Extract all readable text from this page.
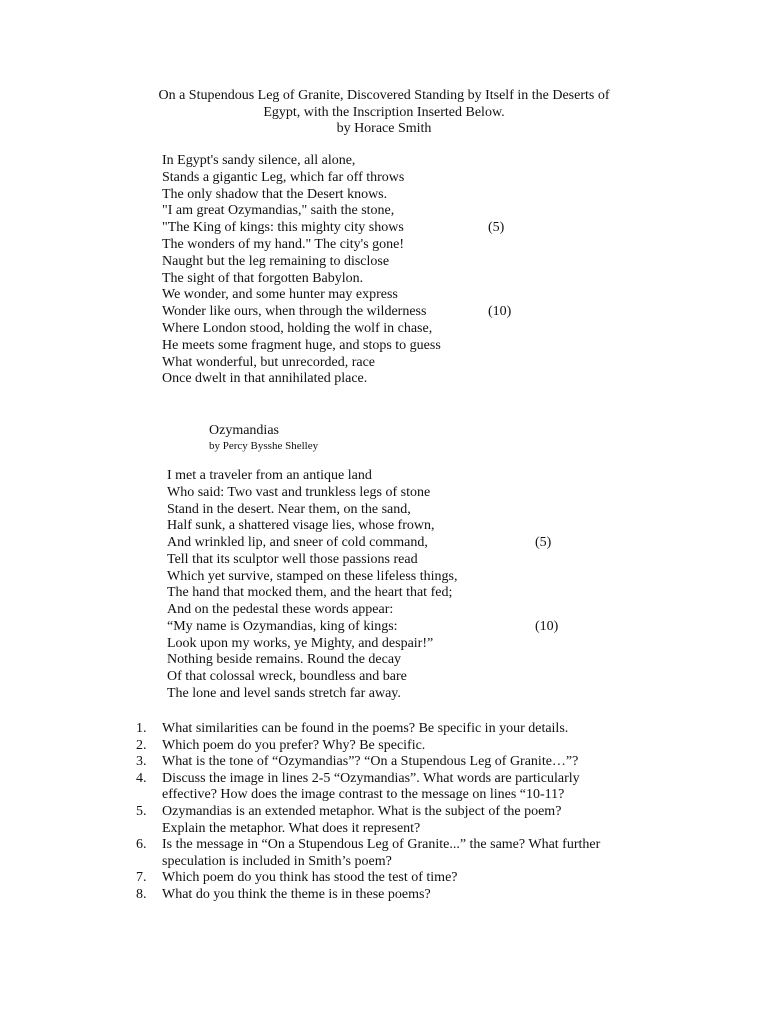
On a Stupendous Leg of Granite, Discovered Standing by Itself in the Deserts of
Egypt, with the Inscription Inserted Below.
by Horace Smith
In Egypt's sandy silence, all alone,
Stands a gigantic Leg, which far off throws
The only shadow that the Desert knows.
"I am great Ozymandias," saith the stone,
"The King of kings: this mighty city shows	(5)
The wonders of my hand." The city's gone!
Naught but the leg remaining to disclose
The sight of that forgotten Babylon.
We wonder, and some hunter may express
Wonder like ours, when through the wilderness	(10)
Where London stood, holding the wolf in chase,
He meets some fragment huge, and stops to guess
What wonderful, but unrecorded, race
Once dwelt in that annihilated place.
Ozymandias
by Percy Bysshe Shelley
I met a traveler from an antique land
Who said: Two vast and trunkless legs of stone
Stand in the desert. Near them, on the sand,
Half sunk, a shattered visage lies, whose frown,
And wrinkled lip, and sneer of cold command,	(5)
Tell that its sculptor well those passions read
Which yet survive, stamped on these lifeless things,
The hand that mocked them, and the heart that fed;
And on the pedestal these words appear:
“My name is Ozymandias, king of kings:	(10)
Look upon my works, ye Mighty, and despair!”
Nothing beside remains. Round the decay
Of that colossal wreck, boundless and bare
The lone and level sands stretch far away.
1. What similarities can be found in the poems? Be specific in your details.
2. Which poem do you prefer? Why? Be specific.
3. What is the tone of “Ozymandias”? “On a Stupendous Leg of Granite…”?
4. Discuss the image in lines 2-5 “Ozymandias”. What words are particularly
effective? How does the image contrast to the message on lines “10-11?
5. Ozymandias is an extended metaphor. What is the subject of the poem?
Explain the metaphor. What does it represent?
6. Is the message in “On a Stupendous Leg of Granite...” the same? What further
speculation is included in Smith’s poem?
7. Which poem do you think has stood the test of time?
8. What do you think the theme is in these poems?
